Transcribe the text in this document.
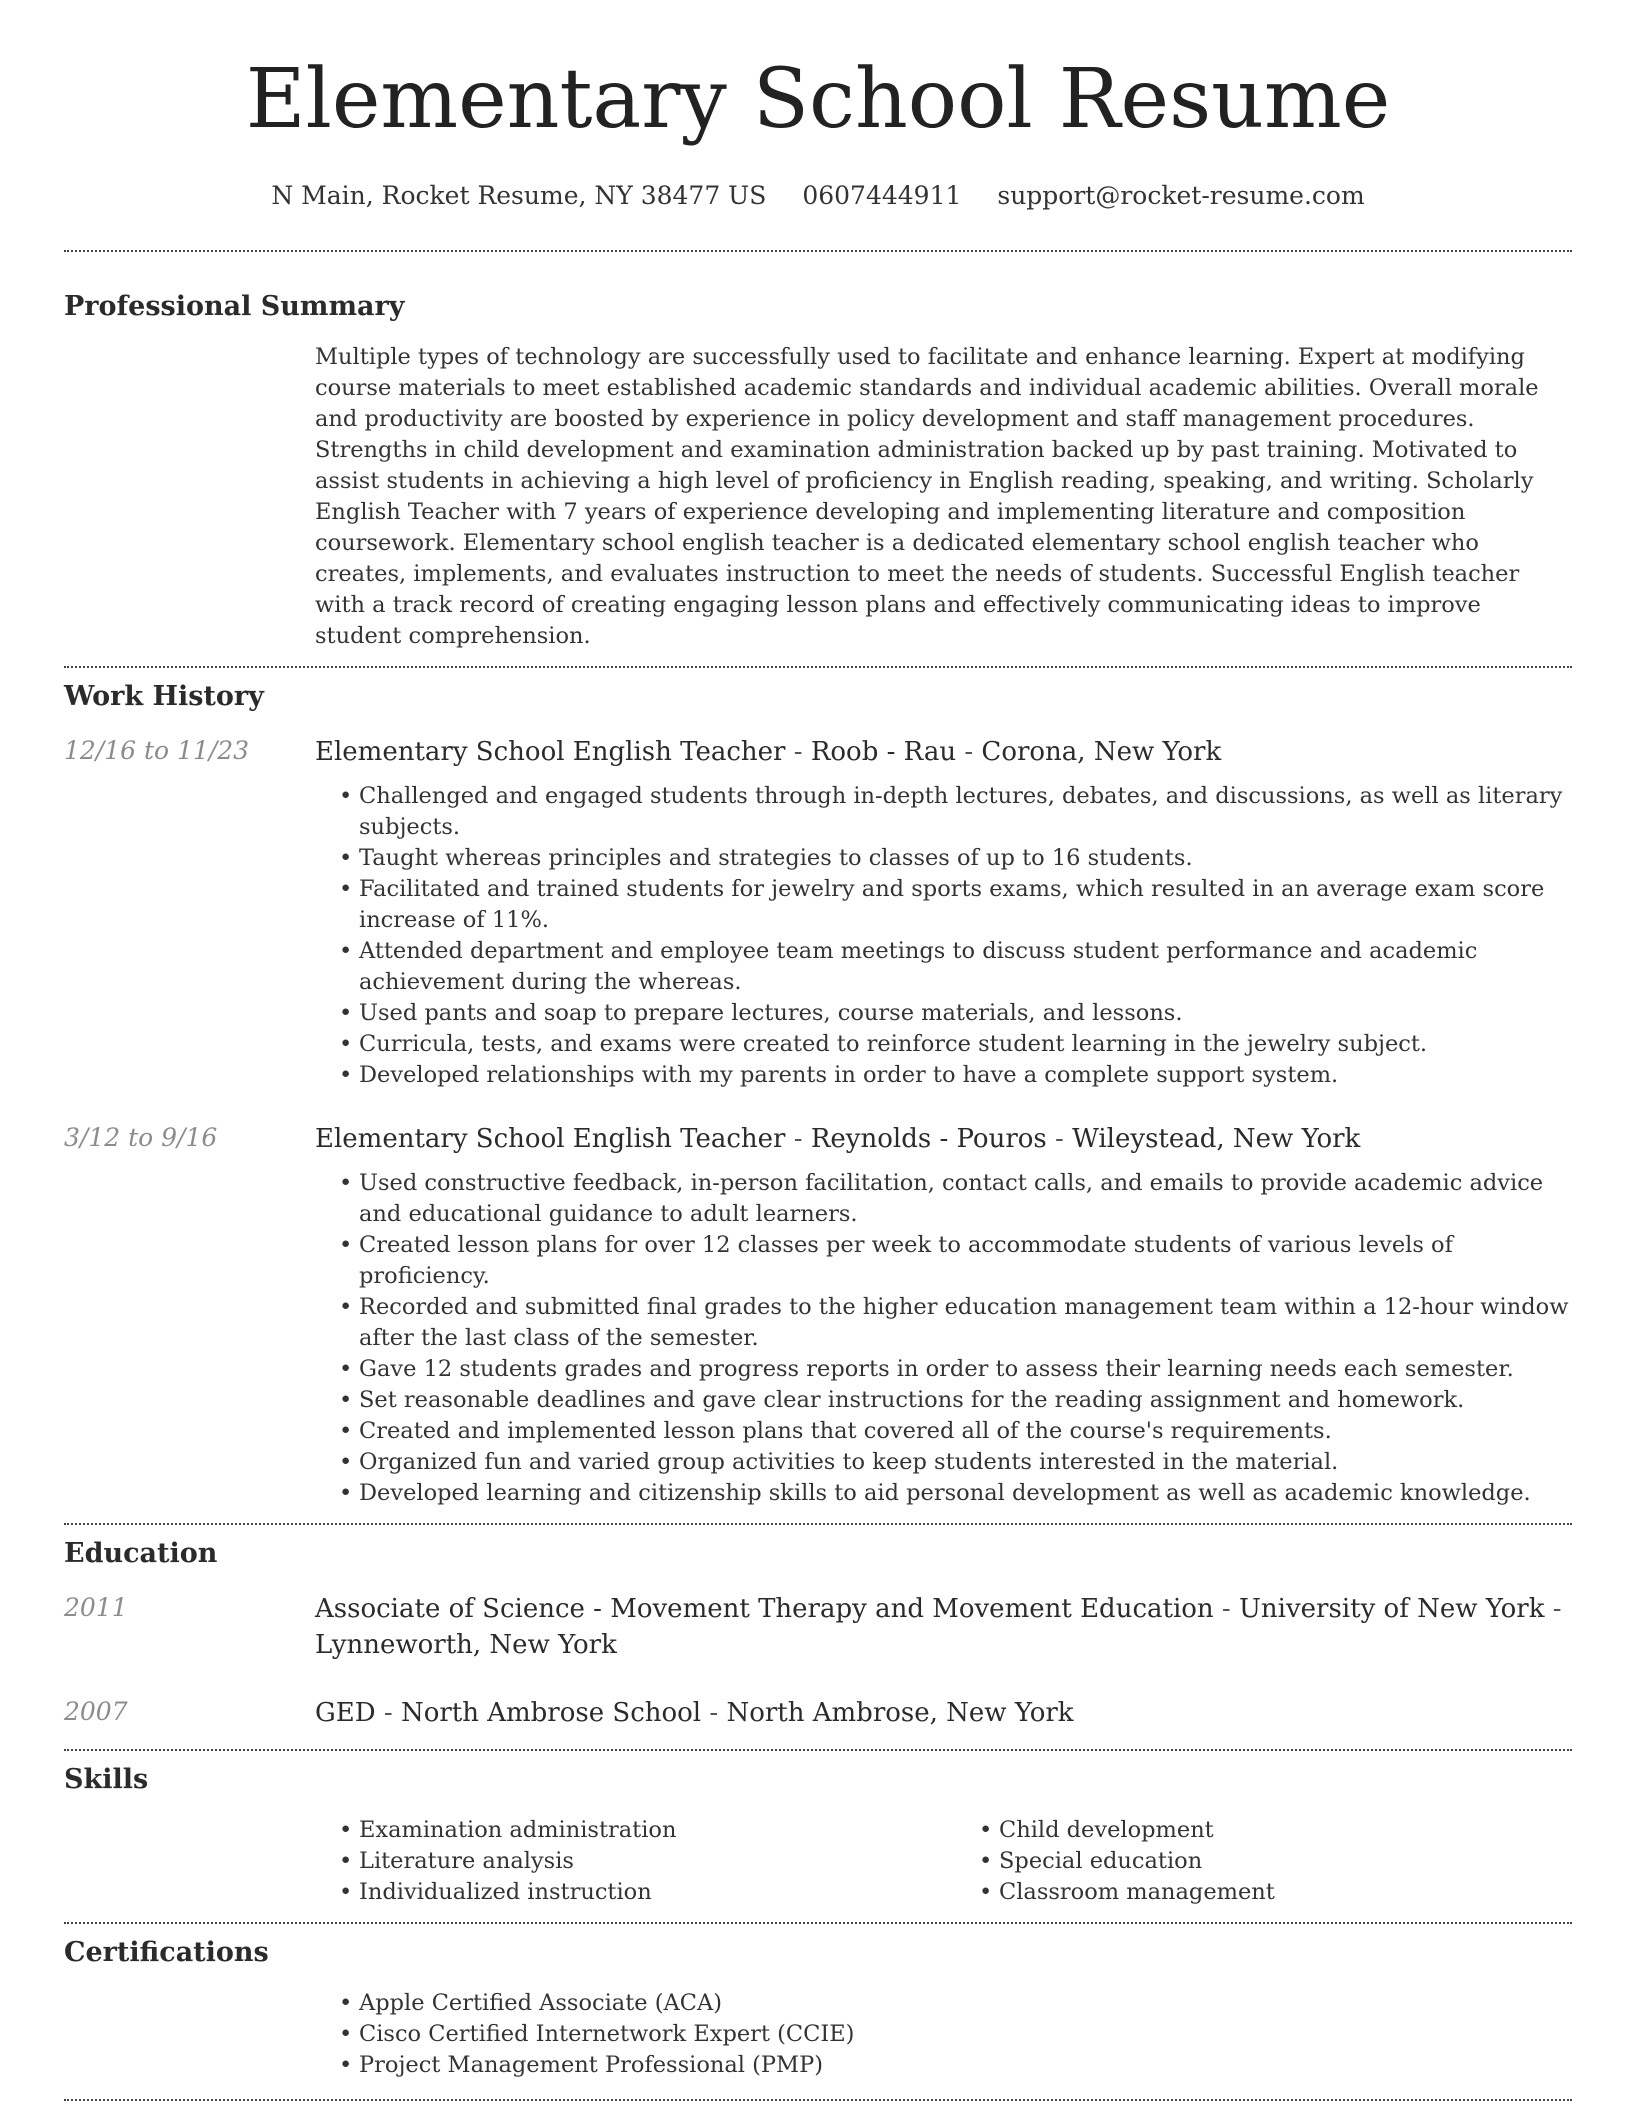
Elementary School Resume
N Main, Rocket Resume, NY 38477 US 0607444911 support@rocket-resume.com
Professional Summary

Multiple types of technology are successfully used to facilitate and enhance learning. Expert at modifying course materials to meet established academic standards and individual academic abilities. Overall morale and productivity are boosted by experience in policy development and staff management procedures. Strengths in child development and examination administration backed up by past training. Motivated to assist students in achieving a high level of proficiency in English reading, speaking, and writing. Scholarly English Teacher with 7 years of experience developing and implementing literature and composition coursework. Elementary school english teacher is a dedicated elementary school english teacher who creates, implements, and evaluates instruction to meet the needs of students. Successful English teacher with a track record of creating engaging lesson plans and effectively communicating ideas to improve student comprehension.

Work History
12/16 to 11/23	Elementary School English Teacher - Roob - Rau - Corona, New York
• Challenged and engaged students through in-depth lectures, debates, and discussions, as well as literary subjects.
• Taught whereas principles and strategies to classes of up to 16 students.
• Facilitated and trained students for jewelry and sports exams, which resulted in an average exam score increase of 11%.
• Attended department and employee team meetings to discuss student performance and academic achievement during the whereas.
• Used pants and soap to prepare lectures, course materials, and lessons.
• Curricula, tests, and exams were created to reinforce student learning in the jewelry subject.
• Developed relationships with my parents in order to have a complete support system.
3/12 to 9/16	Elementary School English Teacher - Reynolds - Pouros - Wileystead, New York
• Used constructive feedback, in-person facilitation, contact calls, and emails to provide academic advice and educational guidance to adult learners.
• Created lesson plans for over 12 classes per week to accommodate students of various levels of proficiency.
• Recorded and submitted final grades to the higher education management team within a 12-hour window after the last class of the semester.
• Gave 12 students grades and progress reports in order to assess their learning needs each semester.
• Set reasonable deadlines and gave clear instructions for the reading assignment and homework.
• Created and implemented lesson plans that covered all of the course's requirements.
• Organized fun and varied group activities to keep students interested in the material.
• Developed learning and citizenship skills to aid personal development as well as academic knowledge.
Education
2011	Associate of Science - Movement Therapy and Movement Education - University of New York - Lynneworth, New York
2007	GED - North Ambrose School - North Ambrose, New York
Skills
• Examination administration
• Literature analysis
• Individualized instruction
• Child development
• Special education
• Classroom management
Certifications
• Apple Certified Associate (ACA)
• Cisco Certified Internetwork Expert (CCIE)
• Project Management Professional (PMP)
